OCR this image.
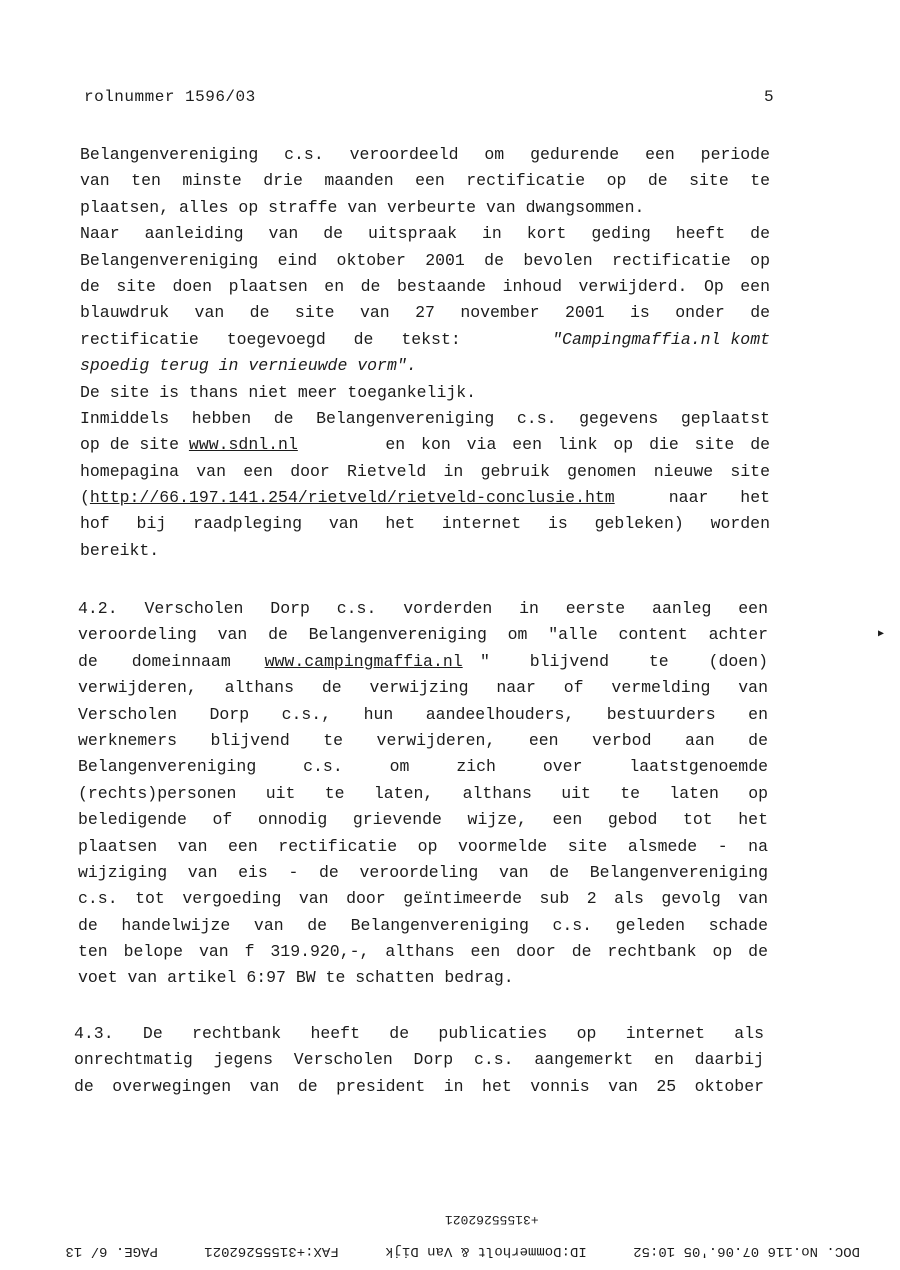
rolnummer 1596/03	5
Belangenvereniging c.s. veroordeeld om gedurende een periode
van ten minste drie maanden een rectificatie op de site te
plaatsen, alles op straffe van verbeurte van dwangsommen.
Naar aanleiding van de uitspraak in kort geding heeft de
Belangenvereniging eind oktober 2001 de bevolen rectificatie op
de site doen plaatsen en de bestaande inhoud verwijderd. Op een
blauwdruk van de site van 27 november 2001 is onder de
rectificatie toegevoegd de tekst:	"Campingmaffia.nl komt
spoedig terug in vernieuwde vorm".
De site is thans niet meer toegankelijk.
Inmiddels hebben de Belangenvereniging c.s. gegevens geplaatst
op de site www.sdnl.nl	en kon via een link op die site de
homepagina van een door Rietveld in gebruik genomen nieuwe site
(http://66.197.141.254/rietveld/rietveld-conclusie.htm	naar het
hof bij raadpleging van het internet is gebleken) worden
bereikt.
4.2. Verscholen Dorp c.s. vorderden in eerste aanleg een
veroordeling van de Belangenvereniging om "alle content achter
de domeinnaam www.campingmaffia.nl " blijvend te (doen)
verwijderen, althans de verwijzing naar of vermelding van
Verscholen Dorp c.s., hun aandeelhouders, bestuurders en
werknemers blijvend te verwijderen, een verbod aan de
Belangenvereniging c.s. om zich over laatstgenoemde
(rechts)personen uit te laten, althans uit te laten op
beledigende of onnodig grievende wijze, een gebod tot het
plaatsen van een rectificatie op voormelde site alsmede - na
wijziging van eis - de veroordeling van de Belangenvereniging
c.s. tot vergoeding van door geïntimeerde sub 2 als gevolg van
de handelwijze van de Belangenvereniging c.s. geleden schade
ten belope van f 319.920,-, althans een door de rechtbank op de
voet van artikel 6:97 BW te schatten bedrag.
4.3. De rechtbank heeft de publicaties op internet als
onrechtmatig jegens Verscholen Dorp c.s. aangemerkt en daarbij
de overwegingen van de president in het vonnis van 25 oktober
▶
+31555262021
DOC. No.116 07.06.'05 10:52 ID:Dommerholt & Van Dijk FAX:+31555262021 PAGE. 6/ 13
